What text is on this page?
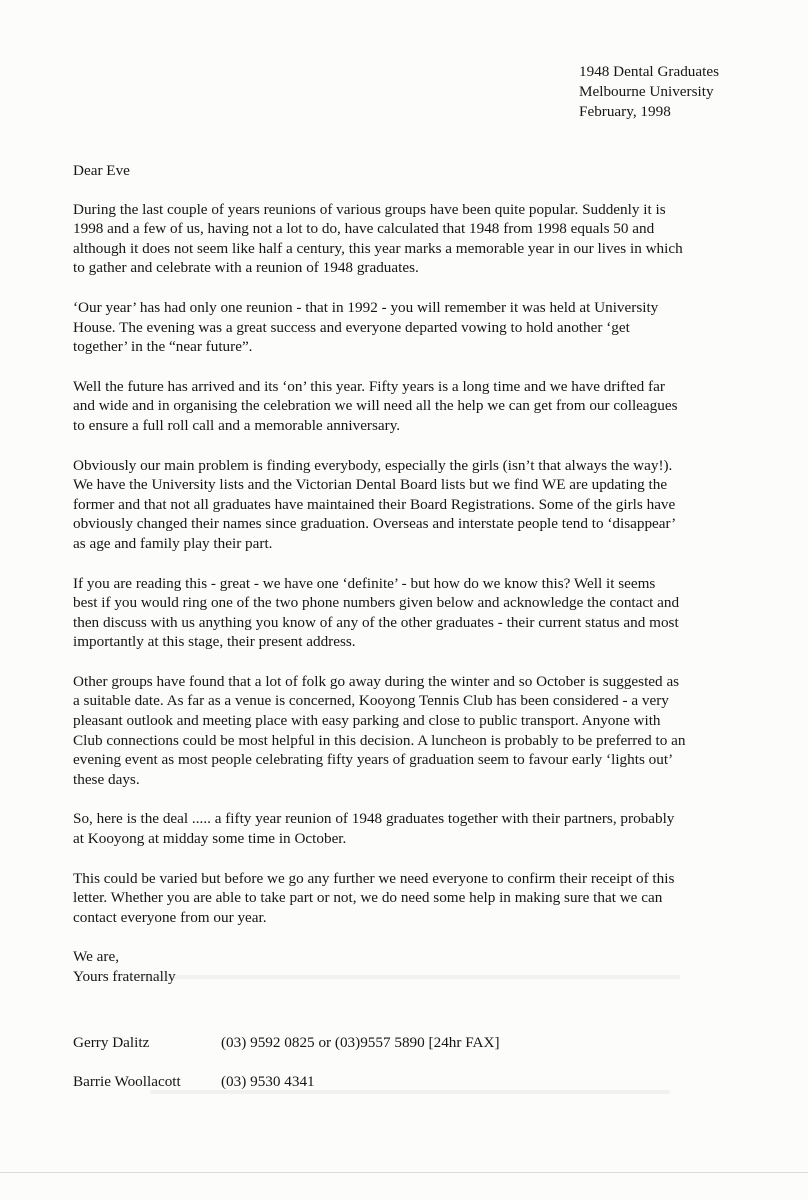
1948 Dental Graduates
Melbourne University
February, 1998
Dear Eve

During the last couple of years reunions of various groups have been quite popular. Suddenly it is
1998 and a few of us, having not a lot to do, have calculated that 1948 from 1998 equals 50 and
although it does not seem like half a century, this year marks a memorable year in our lives in which
to gather and celebrate with a reunion of 1948 graduates.

‘Our year’ has had only one reunion - that in 1992 - you will remember it was held at University
House. The evening was a great success and everyone departed vowing to hold another ‘get
together’ in the “near future”.

Well the future has arrived and its ‘on’ this year. Fifty years is a long time and we have drifted far
and wide and in organising the celebration we will need all the help we can get from our colleagues
to ensure a full roll call and a memorable anniversary.

Obviously our main problem is finding everybody, especially the girls (isn’t that always the way!).
We have the University lists and the Victorian Dental Board lists but we find WE are updating the
former and that not all graduates have maintained their Board Registrations. Some of the girls have
obviously changed their names since graduation. Overseas and interstate people tend to ‘disappear’
as age and family play their part.

If you are reading this - great - we have one ‘definite’ - but how do we know this? Well it seems
best if you would ring one of the two phone numbers given below and acknowledge the contact and
then discuss with us anything you know of any of the other graduates - their current status and most
importantly at this stage, their present address.

Other groups have found that a lot of folk go away during the winter and so October is suggested as
a suitable date. As far as a venue is concerned, Kooyong Tennis Club has been considered - a very
pleasant outlook and meeting place with easy parking and close to public transport. Anyone with
Club connections could be most helpful in this decision. A luncheon is probably to be preferred to an
evening event as most people celebrating fifty years of graduation seem to favour early ‘lights out’
these days.

So, here is the deal ..... a fifty year reunion of 1948 graduates together with their partners, probably
at Kooyong at midday some time in October.

This could be varied but before we go any further we need everyone to confirm their receipt of this
letter. Whether you are able to take part or not, we do need some help in making sure that we can
contact everyone from our year.

We are,
Yours fraternally
Gerry Dalitz	(03) 9592 0825 or (03)9557 5890 [24hr FAX]
Barrie Woollacott	(03) 9530 4341
